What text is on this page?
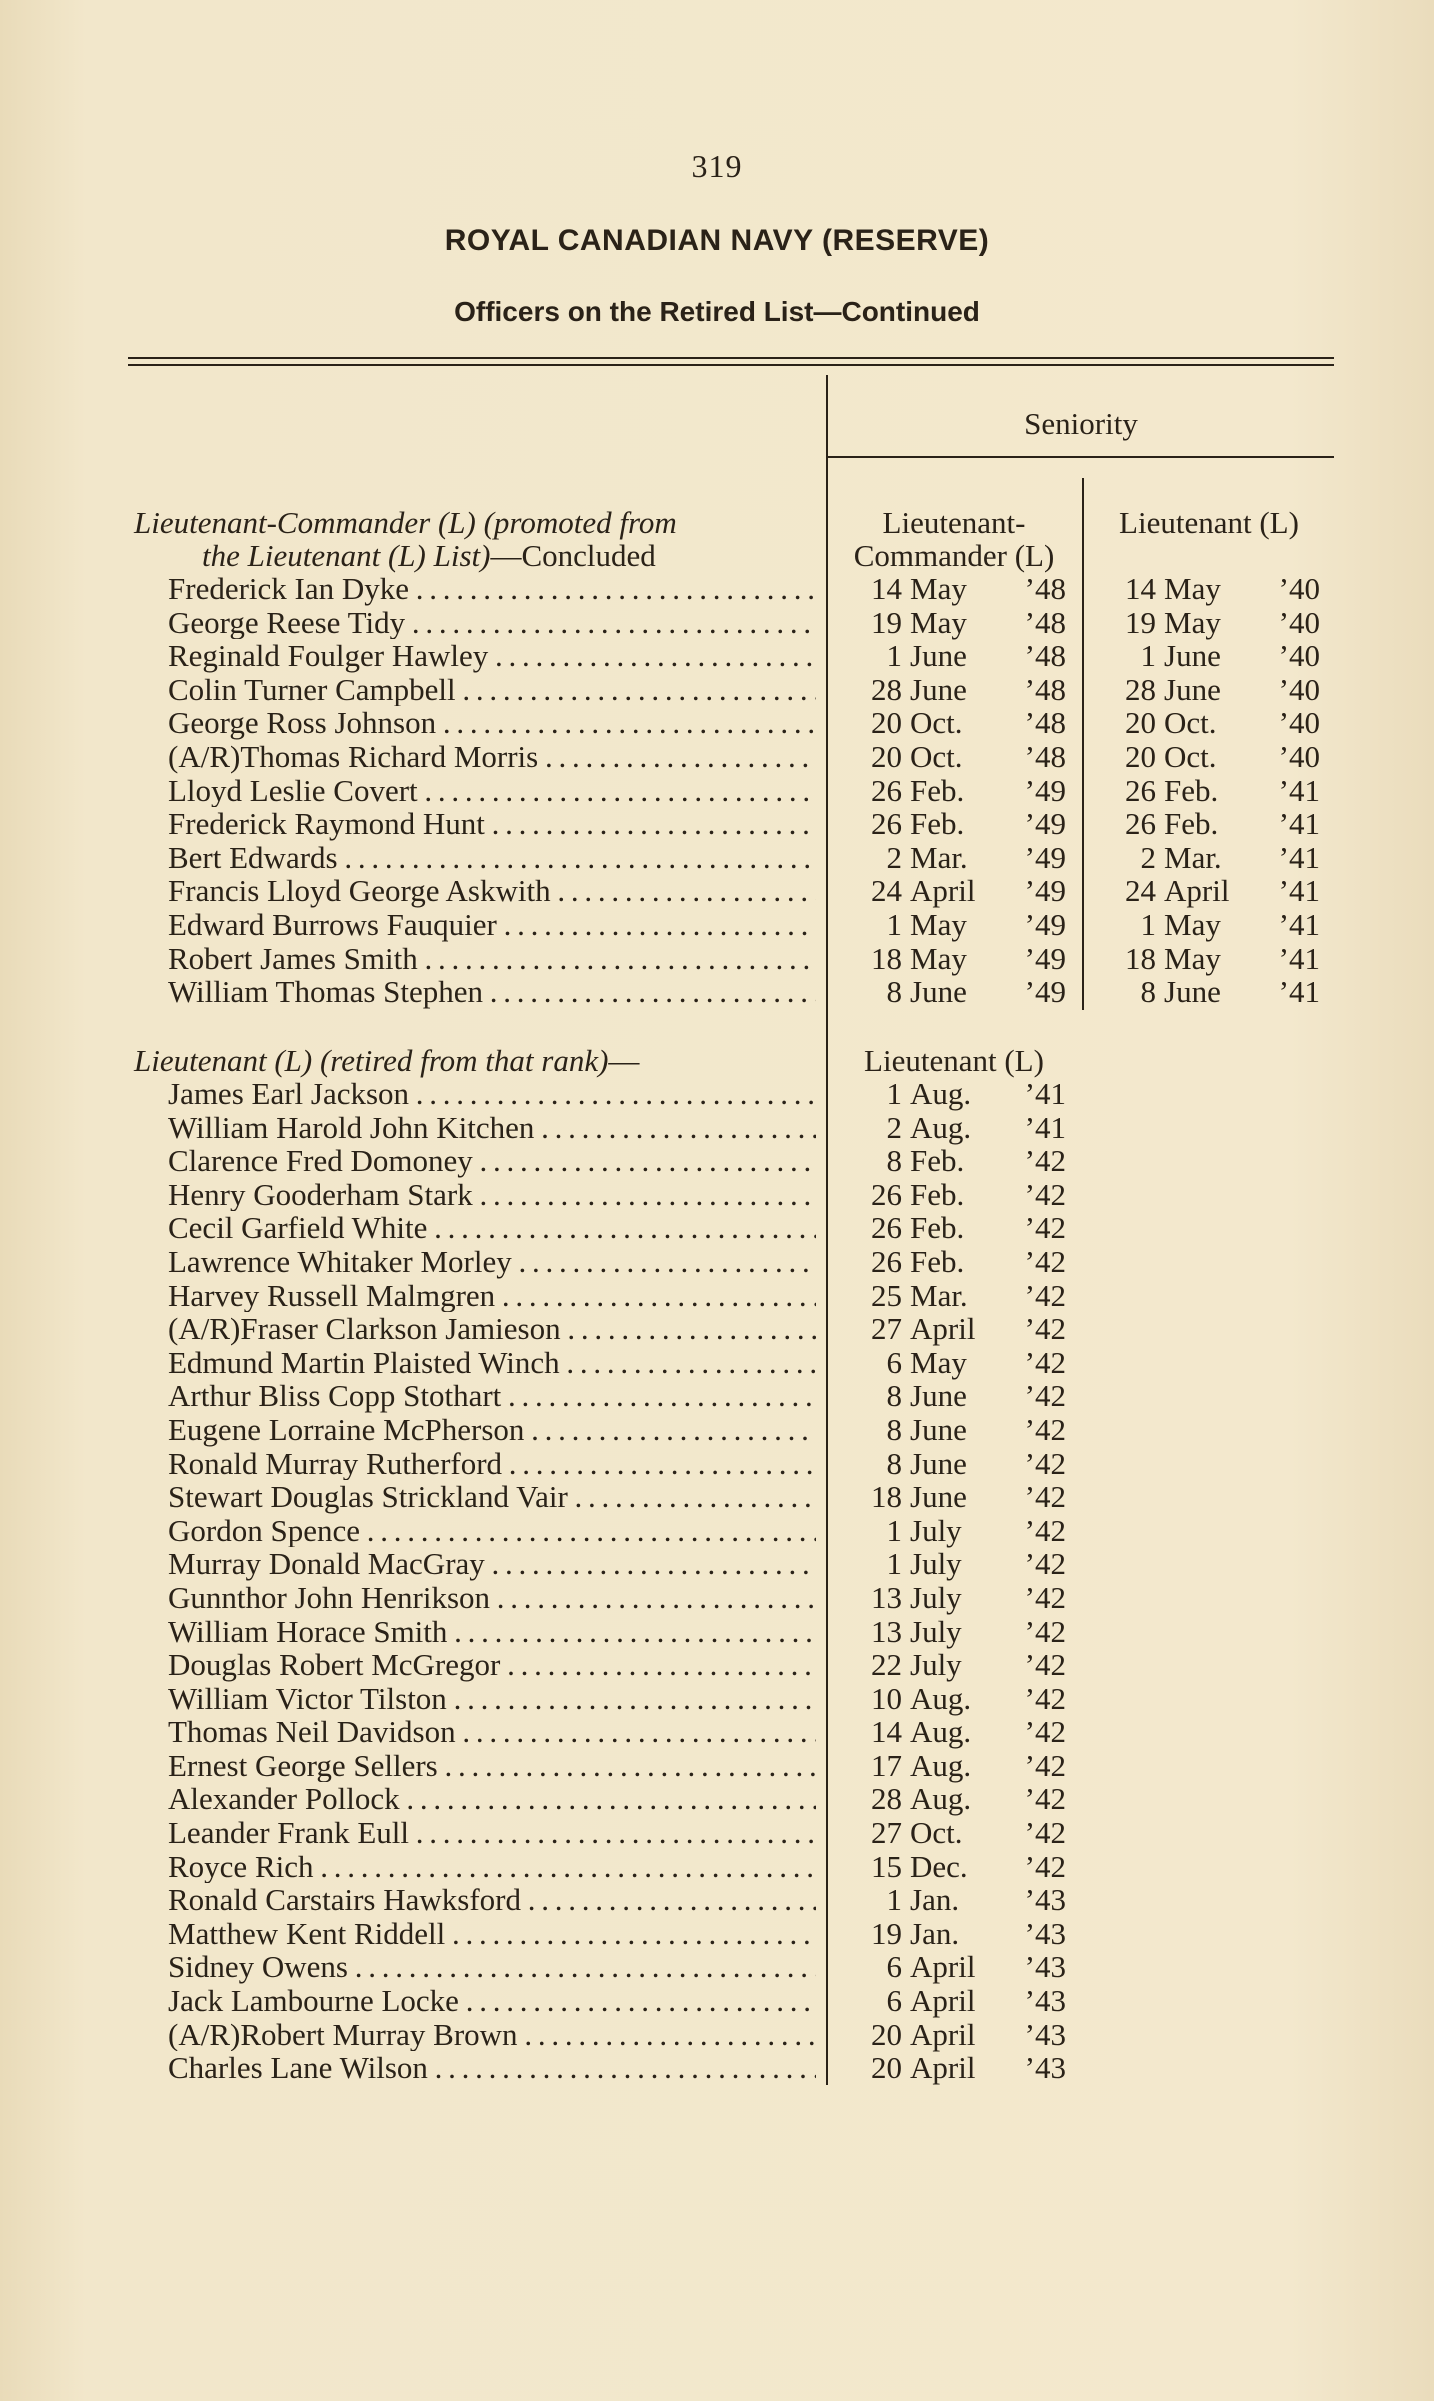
319
ROYAL CANADIAN NAVY (RESERVE)
Officers on the Retired List—Continued
Seniority
Lieutenant-
Commander (L)
Lieutenant (L)
Lieutenant-Commander (L) (promoted from
the Lieutenant (L) List)—Concluded
Frederick Ian Dyke . . .	14 May ’48	14 May ’40
George Reese Tidy . . .	19 May ’48	19 May ’40
Reginald Foulger Hawley . . .	1 June ’48	1 June ’40
Colin Turner Campbell . . .	28 June ’48	28 June ’40
George Ross Johnson . . .	20 Oct. ’48	20 Oct. ’40
(A/R)Thomas Richard Morris . . .	20 Oct. ’48	20 Oct. ’40
Lloyd Leslie Covert . . .	26 Feb. ’49	26 Feb. ’41
Frederick Raymond Hunt . . .	26 Feb. ’49	26 Feb. ’41
Bert Edwards . . .	2 Mar. ’49	2 Mar. ’41
Francis Lloyd George Askwith . . .	24 April ’49	24 April ’41
Edward Burrows Fauquier . . .	1 May ’49	1 May ’41
Robert James Smith . . .	18 May ’49	18 May ’41
William Thomas Stephen . . .	8 June ’49	8 June ’41
Lieutenant (L) (retired from that rank)—	Lieutenant (L)
James Earl Jackson . . .	1 Aug. ’41
William Harold John Kitchen . . .	2 Aug. ’41
Clarence Fred Domoney . . .	8 Feb. ’42
Henry Gooderham Stark . . .	26 Feb. ’42
Cecil Garfield White . . .	26 Feb. ’42
Lawrence Whitaker Morley . . .	26 Feb. ’42
Harvey Russell Malmgren . . .	25 Mar. ’42
(A/R)Fraser Clarkson Jamieson . . .	27 April ’42
Edmund Martin Plaisted Winch . . .	6 May ’42
Arthur Bliss Copp Stothart . . .	8 June ’42
Eugene Lorraine McPherson . . .	8 June ’42
Ronald Murray Rutherford . . .	8 June ’42
Stewart Douglas Strickland Vair . . .	18 June ’42
Gordon Spence . . .	1 July ’42
Murray Donald MacGray . . .	1 July ’42
Gunnthor John Henrikson . . .	13 July ’42
William Horace Smith . . .	13 July ’42
Douglas Robert McGregor . . .	22 July ’42
William Victor Tilston . . .	10 Aug. ’42
Thomas Neil Davidson . . .	14 Aug. ’42
Ernest George Sellers . . .	17 Aug. ’42
Alexander Pollock . . .	28 Aug. ’42
Leander Frank Eull . . .	27 Oct. ’42
Royce Rich . . .	15 Dec. ’42
Ronald Carstairs Hawksford . . .	1 Jan. ’43
Matthew Kent Riddell . . .	19 Jan. ’43
Sidney Owens . . .	6 April ’43
Jack Lambourne Locke . . .	6 April ’43
(A/R)Robert Murray Brown . . .	20 April ’43
Charles Lane Wilson . . .	20 April ’43
